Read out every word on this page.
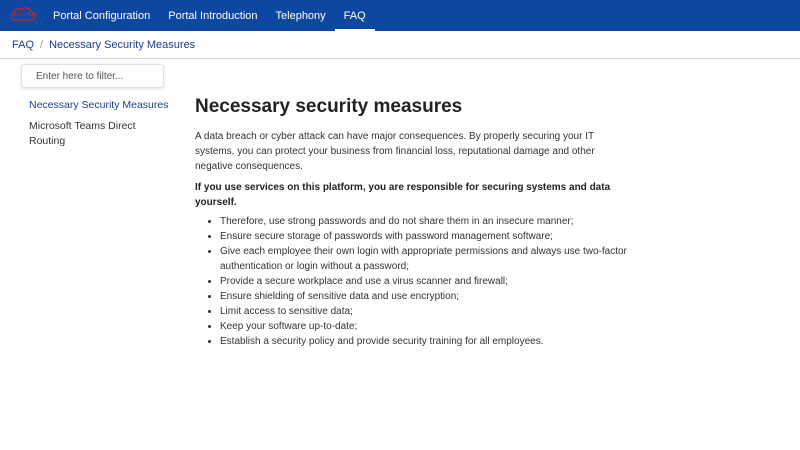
Online Help	Portal Configuration	Portal Introduction	Telephony	FAQ
FAQ / Necessary Security Measures
Enter here to filter...
Necessary Security Measures
Microsoft Teams Direct Routing
Necessary security measures

A data breach or cyber attack can have major consequences. By properly securing your IT systems, you can protect your business from financial loss, reputational damage and other negative consequences.

If you use services on this platform, you are responsible for securing systems and data yourself.

• Therefore, use strong passwords and do not share them in an insecure manner;
• Ensure secure storage of passwords with password management software;
• Give each employee their own login with appropriate permissions and always use two-factor authentication or login without a password;
• Provide a secure workplace and use a virus scanner and firewall;
• Ensure shielding of sensitive data and use encryption;
• Limit access to sensitive data;
• Keep your software up-to-date;
• Establish a security policy and provide security training for all employees.
